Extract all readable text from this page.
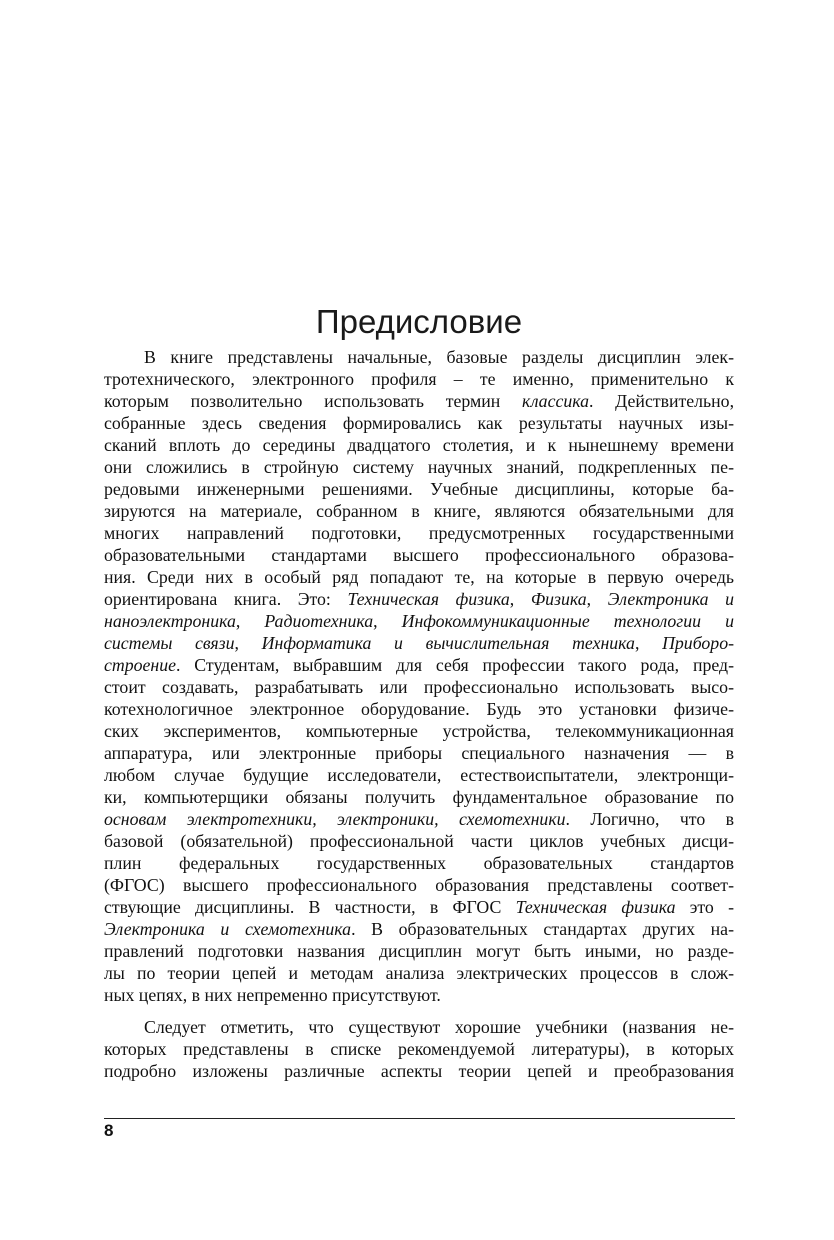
Предисловие
В книге представлены начальные, базовые разделы дисциплин элек-
тротехнического, электронного профиля – те именно, применительно к
которым позволительно использовать термин классика. Действительно,
собранные здесь сведения формировались как результаты научных изы-
сканий вплоть до середины двадцатого столетия, и к нынешнему времени
они сложились в стройную систему научных знаний, подкрепленных пе-
редовыми инженерными решениями. Учебные дисциплины, которые ба-
зируются на материале, собранном в книге, являются обязательными для
многих направлений подготовки, предусмотренных государственными
образовательными стандартами высшего профессионального образова-
ния. Среди них в особый ряд попадают те, на которые в первую очередь
ориентирована книга. Это: Техническая физика, Физика, Электроника и
наноэлектроника, Радиотехника, Инфокоммуникационные технологии и
системы связи, Информатика и вычислительная техника, Приборо-
строение. Студентам, выбравшим для себя профессии такого рода, пред-
стоит создавать, разрабатывать или профессионально использовать высо-
котехнологичное электронное оборудование. Будь это установки физиче-
ских экспериментов, компьютерные устройства, телекоммуникационная
аппаратура, или электронные приборы специального назначения — в
любом случае будущие исследователи, естествоиспытатели, электронщи-
ки, компьютерщики обязаны получить фундаментальное образование по
основам электротехники, электроники, схемотехники. Логично, что в
базовой (обязательной) профессиональной части циклов учебных дисци-
плин федеральных государственных образовательных стандартов
(ФГОС) высшего профессионального образования представлены соответ-
ствующие дисциплины. В частности, в ФГОС Техническая физика это -
Электроника и схемотехника. В образовательных стандартах других на-
правлений подготовки названия дисциплин могут быть иными, но разде-
лы по теории цепей и методам анализа электрических процессов в слож-
ных цепях, в них непременно присутствуют.
Следует отметить, что существуют хорошие учебники (названия не-
которых представлены в списке рекомендуемой литературы), в которых
подробно изложены различные аспекты теории цепей и преобразования
8
